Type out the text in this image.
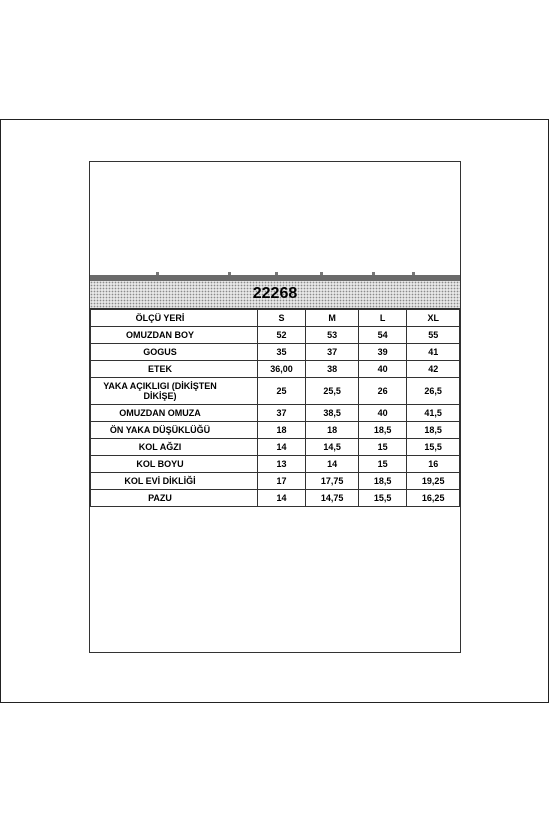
22268
ÖLÇÜ YERİ		S	M	L	XL
OMUZDAN BOY		52	53	54	55
GOGUS		35	37	39	41
ETEK		36,00	38	40	42
YAKA AÇIKLIGI (DİKİŞTEN DİKİŞE)		25	25,5	26	26,5
OMUZDAN OMUZA		37	38,5	40	41,5
ÖN YAKA DÜŞÜKLÜĞÜ		18	18	18,5	18,5
KOL AĞZI		14	14,5	15	15,5
KOL BOYU		13	14	15	16
KOL EVİ DİKLİĞİ		17	17,75	18,5	19,25
PAZU		14	14,75	15,5	16,25
